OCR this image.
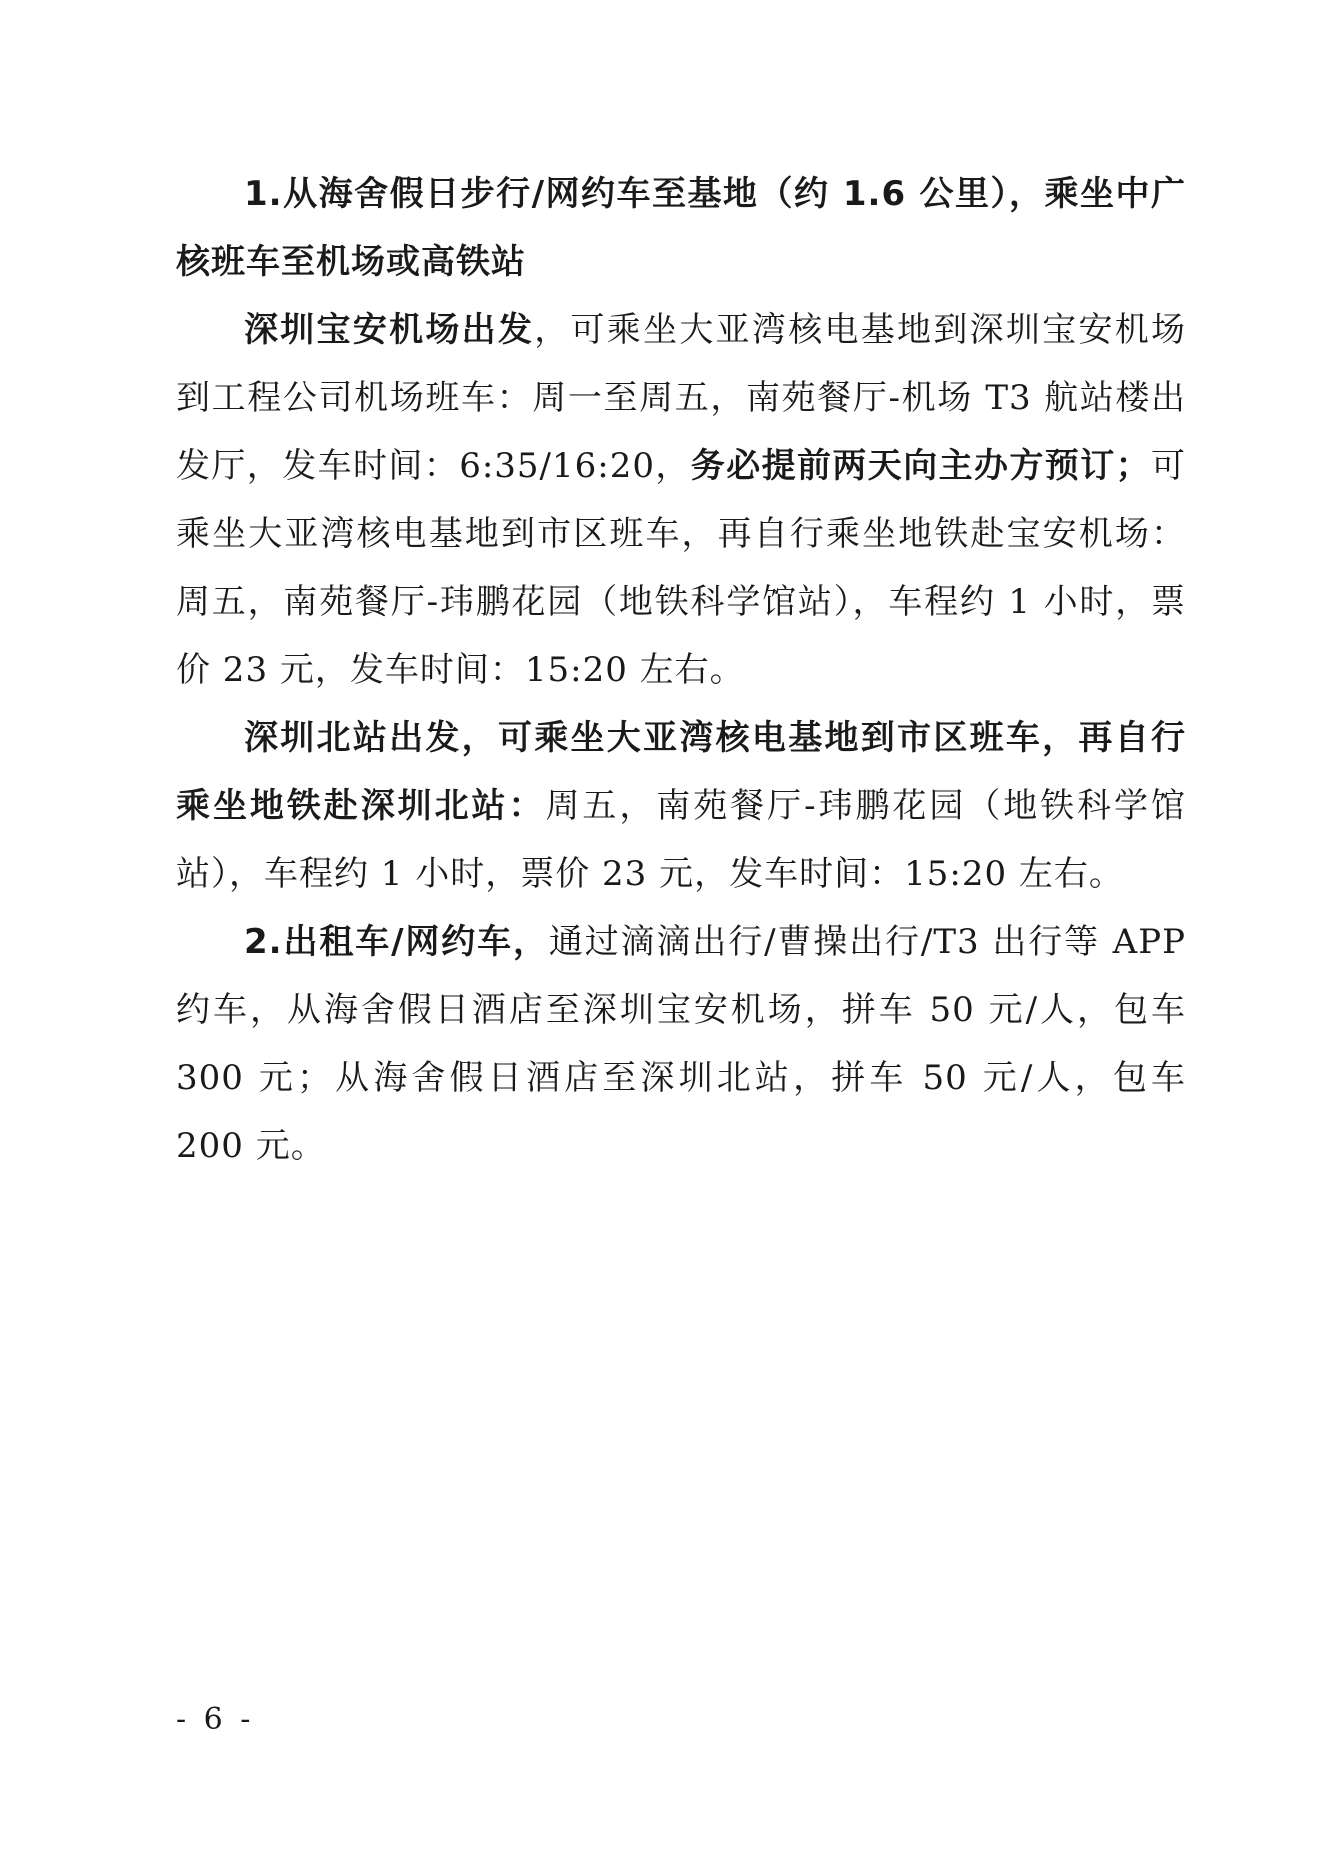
1.从海舍假日步行/网约车至基地（约 1.6 公里），乘坐中广核班车至机场或高铁站

深圳宝安机场出发，可乘坐大亚湾核电基地到深圳宝安机场到工程公司机场班车：周一至周五，南苑餐厅-机场 T3 航站楼出发厅，发车时间：6:35/16:20，务必提前两天向主办方预订；可乘坐大亚湾核电基地到市区班车，再自行乘坐地铁赴宝安机场：周五，南苑餐厅-玮鹏花园（地铁科学馆站），车程约 1 小时，票价 23 元，发车时间：15:20 左右。

深圳北站出发，可乘坐大亚湾核电基地到市区班车，再自行乘坐地铁赴深圳北站：周五，南苑餐厅-玮鹏花园（地铁科学馆站），车程约 1 小时，票价 23 元，发车时间：15:20 左右。

2.出租车/网约车，通过滴滴出行/曹操出行/T3 出行等 APP 约车，从海舍假日酒店至深圳宝安机场，拼车 50 元/人，包车 300 元；从海舍假日酒店至深圳北站，拼车 50 元/人，包车 200 元。

- 6 -
